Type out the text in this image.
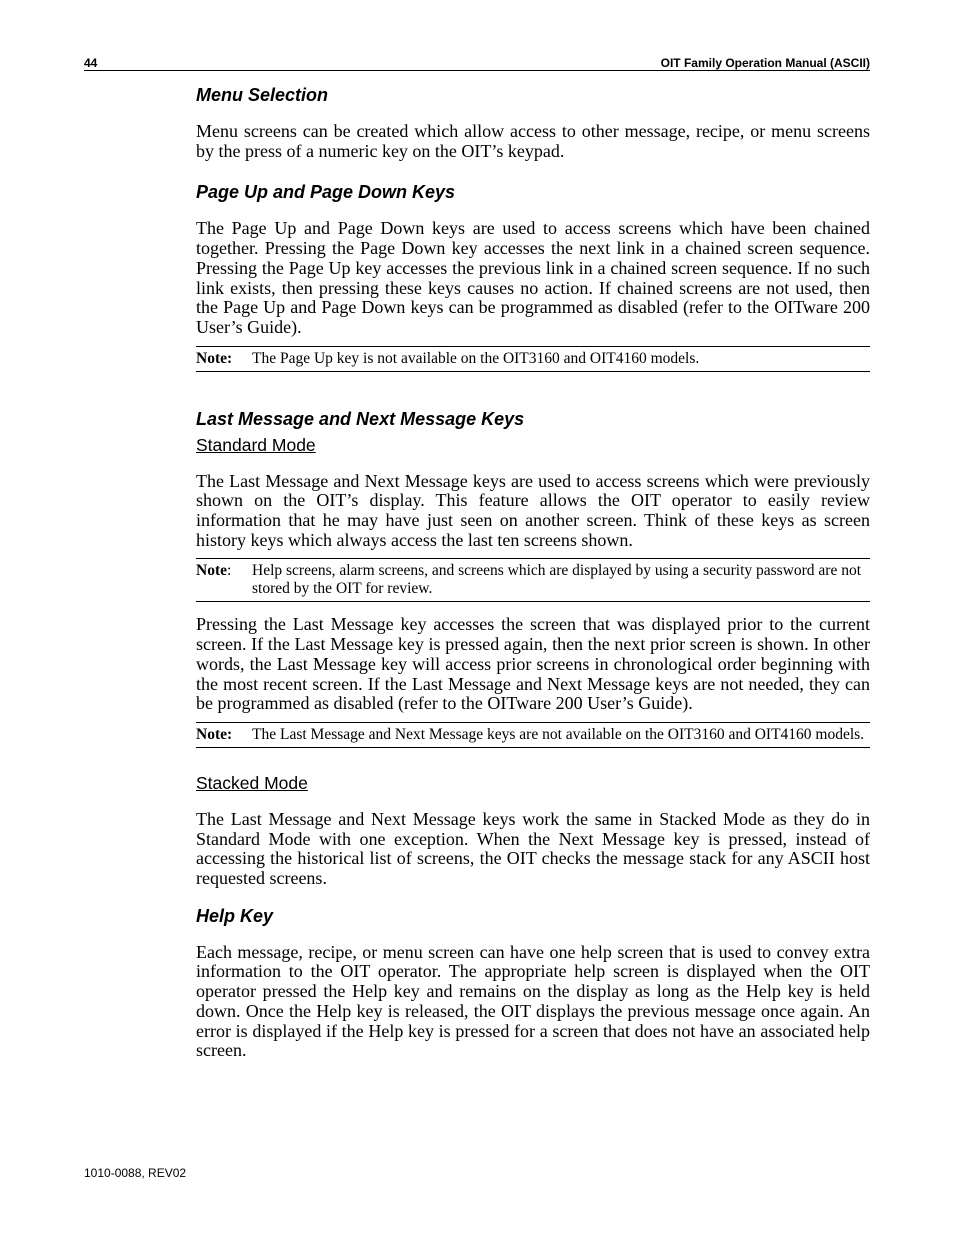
44	OIT Family Operation Manual (ASCII)
Menu Selection

Menu screens can be created which allow access to other message, recipe, or menu screens by the press of a numeric key on the OIT’s keypad.

Page Up and Page Down Keys

The Page Up and Page Down keys are used to access screens which have been chained together. Pressing the Page Down key accesses the next link in a chained screen sequence. Pressing the Page Up key accesses the previous link in a chained screen sequence. If no such link exists, then pressing these keys causes no action. If chained screens are not used, then the Page Up and Page Down keys can be programmed as disabled (refer to the OITware 200 User’s Guide).

Note:	The Page Up key is not available on the OIT3160 and OIT4160 models.
Last Message and Next Message Keys
Standard Mode

The Last Message and Next Message keys are used to access screens which were previously shown on the OIT’s display. This feature allows the OIT operator to easily review information that he may have just seen on another screen. Think of these keys as screen history keys which always access the last ten screens shown.

Note:	Help screens, alarm screens, and screens which are displayed by using a security password are not stored by the OIT for review.

Pressing the Last Message key accesses the screen that was displayed prior to the current screen. If the Last Message key is pressed again, then the next prior screen is shown. In other words, the Last Message key will access prior screens in chronological order beginning with the most recent screen. If the Last Message and Next Message keys are not needed, they can be programmed as disabled (refer to the OITware 200 User’s Guide).

Note:	The Last Message and Next Message keys are not available on the OIT3160 and OIT4160 models.
Stacked Mode

The Last Message and Next Message keys work the same in Stacked Mode as they do in Standard Mode with one exception. When the Next Message key is pressed, instead of accessing the historical list of screens, the OIT checks the message stack for any ASCII host requested screens.

Help Key

Each message, recipe, or menu screen can have one help screen that is used to convey extra information to the OIT operator. The appropriate help screen is displayed when the OIT operator pressed the Help key and remains on the display as long as the Help key is held down. Once the Help key is released, the OIT displays the previous message once again. An error is displayed if the Help key is pressed for a screen that does not have an associated help screen.

1010-0088, REV02
